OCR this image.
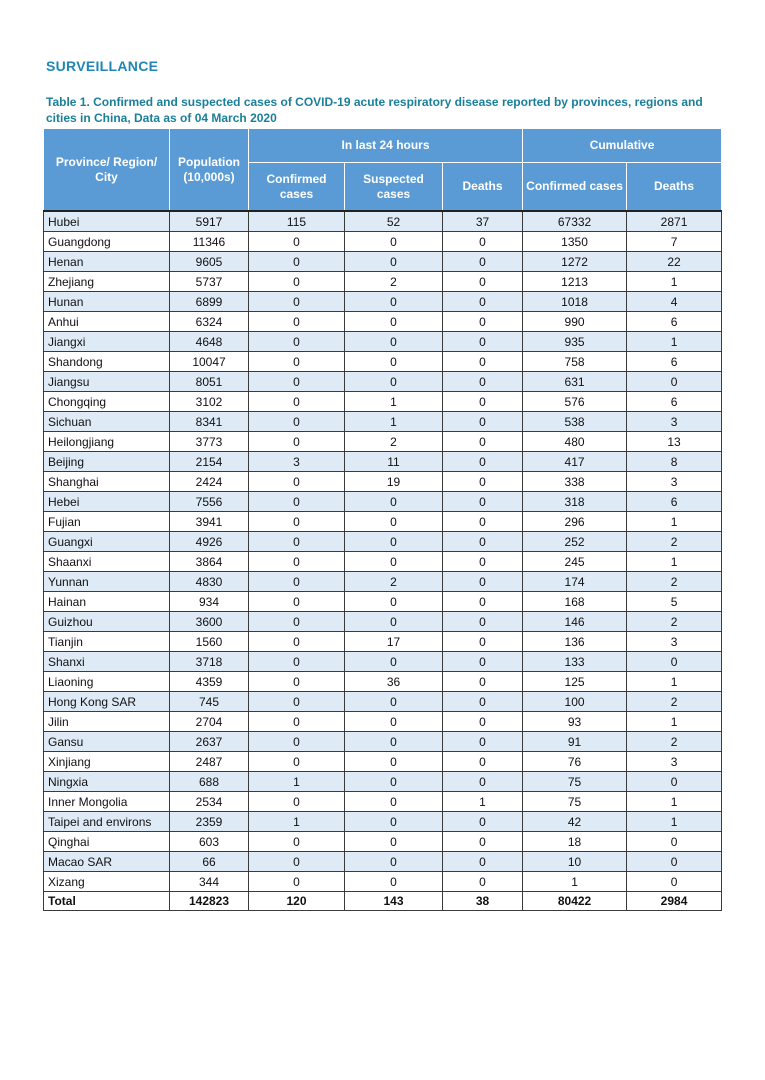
SURVEILLANCE
Table 1. Confirmed and suspected cases of COVID-19 acute respiratory disease reported by provinces, regions and cities in China, Data as of 04 March 2020
Province/ Region/ City	Population (10,000s)	In last 24 hours			Cumulative	
		Confirmed cases	Suspected cases	Deaths	Confirmed cases	Deaths
Hubei	5917	115	52	37	67332	2871
Guangdong	11346	0	0	0	1350	7
Henan	9605	0	0	0	1272	22
Zhejiang	5737	0	2	0	1213	1
Hunan	6899	0	0	0	1018	4
Anhui	6324	0	0	0	990	6
Jiangxi	4648	0	0	0	935	1
Shandong	10047	0	0	0	758	6
Jiangsu	8051	0	0	0	631	0
Chongqing	3102	0	1	0	576	6
Sichuan	8341	0	1	0	538	3
Heilongjiang	3773	0	2	0	480	13
Beijing	2154	3	11	0	417	8
Shanghai	2424	0	19	0	338	3
Hebei	7556	0	0	0	318	6
Fujian	3941	0	0	0	296	1
Guangxi	4926	0	0	0	252	2
Shaanxi	3864	0	0	0	245	1
Yunnan	4830	0	2	0	174	2
Hainan	934	0	0	0	168	5
Guizhou	3600	0	0	0	146	2
Tianjin	1560	0	17	0	136	3
Shanxi	3718	0	0	0	133	0
Liaoning	4359	0	36	0	125	1
Hong Kong SAR	745	0	0	0	100	2
Jilin	2704	0	0	0	93	1
Gansu	2637	0	0	0	91	2
Xinjiang	2487	0	0	0	76	3
Ningxia	688	1	0	0	75	0
Inner Mongolia	2534	0	0	1	75	1
Taipei and environs	2359	1	0	0	42	1
Qinghai	603	0	0	0	18	0
Macao SAR	66	0	0	0	10	0
Xizang	344	0	0	0	1	0
Total	142823	120	143	38	80422	2984
